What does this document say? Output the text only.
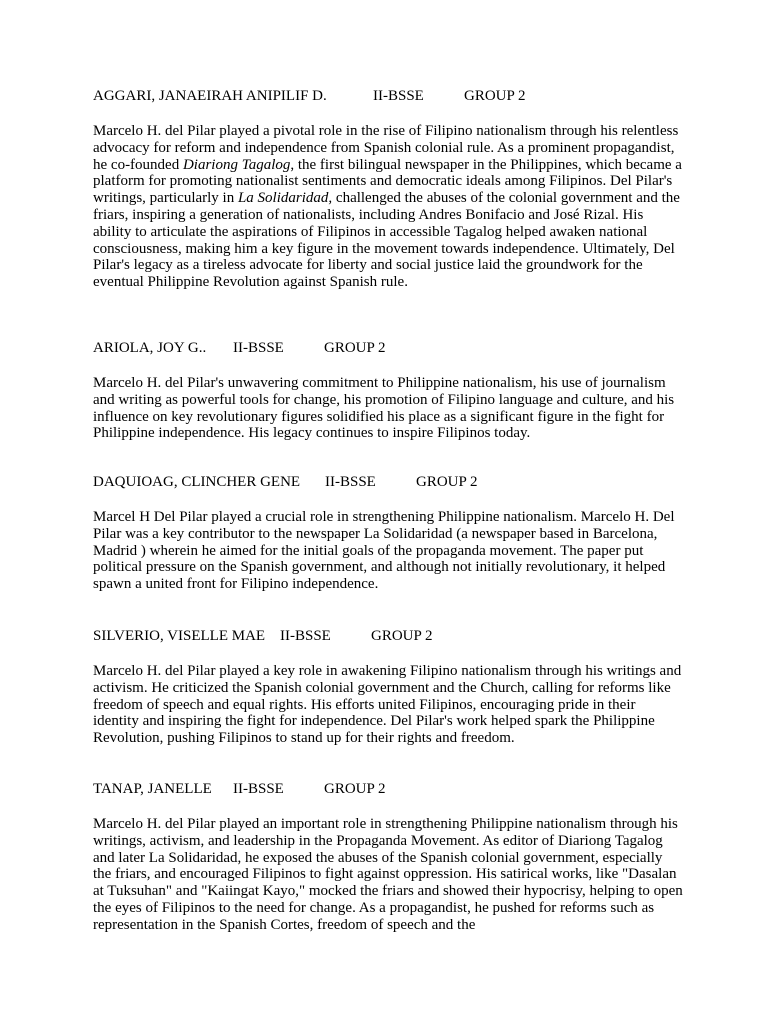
AGGARI, JANAEIRAH ANIPILIF D.	II-BSSE	GROUP 2

Marcelo H. del Pilar played a pivotal role in the rise of Filipino nationalism through his relentless advocacy for reform and independence from Spanish colonial rule. As a prominent propagandist, he co-founded Diariong Tagalog, the first bilingual newspaper in the Philippines, which became a platform for promoting nationalist sentiments and democratic ideals among Filipinos. Del Pilar's writings, particularly in La Solidaridad, challenged the abuses of the colonial government and the friars, inspiring a generation of nationalists, including Andres Bonifacio and José Rizal. His ability to articulate the aspirations of Filipinos in accessible Tagalog helped awaken national consciousness, making him a key figure in the movement towards independence. Ultimately, Del Pilar's legacy as a tireless advocate for liberty and social justice laid the groundwork for the eventual Philippine Revolution against Spanish rule.

ARIOLA, JOY G.. II-BSSE	GROUP 2

Marcelo H. del Pilar's unwavering commitment to Philippine nationalism, his use of journalism and writing as powerful tools for change, his promotion of Filipino language and culture, and his influence on key revolutionary figures solidified his place as a significant figure in the fight for Philippine independence. His legacy continues to inspire Filipinos today.

DAQUIOAG, CLINCHER GENE II-BSSE	GROUP 2

Marcel H Del Pilar played a crucial role in strengthening Philippine nationalism. Marcelo H. Del Pilar was a key contributor to the newspaper La Solidaridad (a newspaper based in Barcelona, Madrid ) wherein he aimed for the initial goals of the propaganda movement. The paper put political pressure on the Spanish government, and although not initially revolutionary, it helped spawn a united front for Filipino independence.

SILVERIO, VISELLE MAE II-BSSE	GROUP 2

Marcelo H. del Pilar played a key role in awakening Filipino nationalism through his writings and activism. He criticized the Spanish colonial government and the Church, calling for reforms like freedom of speech and equal rights. His efforts united Filipinos, encouraging pride in their identity and inspiring the fight for independence. Del Pilar's work helped spark the Philippine Revolution, pushing Filipinos to stand up for their rights and freedom.

TANAP, JANELLE II-BSSE	GROUP 2

Marcelo H. del Pilar played an important role in strengthening Philippine nationalism through his writings, activism, and leadership in the Propaganda Movement. As editor of Diariong Tagalog and later La Solidaridad, he exposed the abuses of the Spanish colonial government, especially the friars, and encouraged Filipinos to fight against oppression. His satirical works, like "Dasalan at Tuksuhan" and "Kaiingat Kayo," mocked the friars and showed their hypocrisy, helping to open the eyes of Filipinos to the need for change. As a propagandist, he pushed for reforms such as representation in the Spanish Cortes, freedom of speech and the
